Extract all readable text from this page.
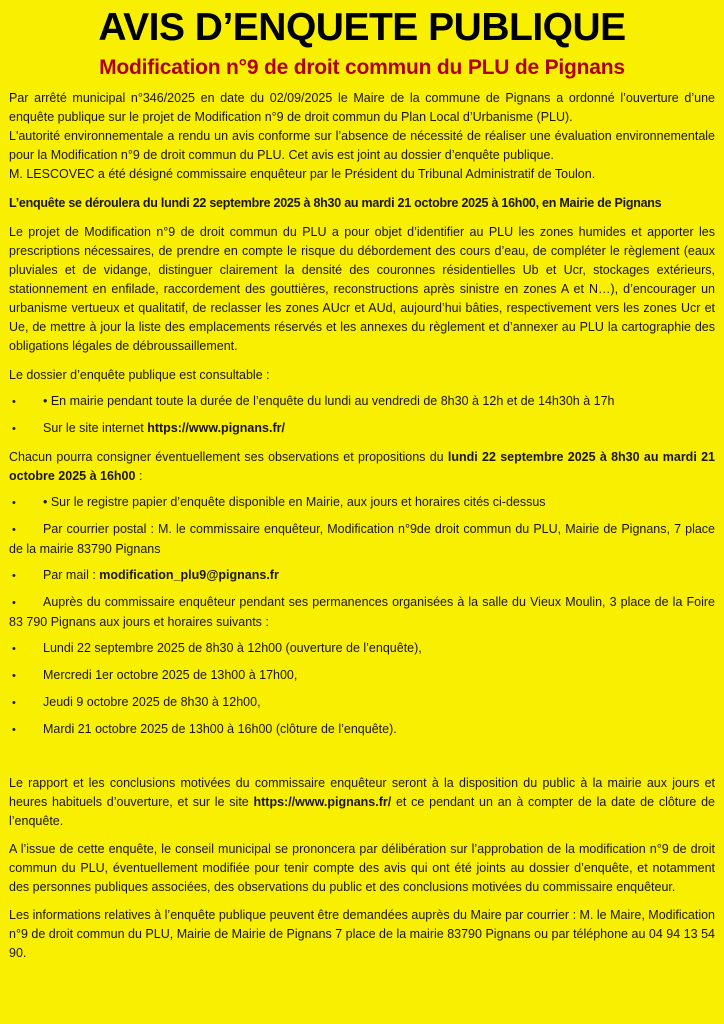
AVIS D’ENQUETE PUBLIQUE
Modification n°9 de droit commun du PLU de Pignans

Par arrêté municipal n°346/2025 en date du 02/09/2025 le Maire de la commune de Pignans a ordonné l’ouverture d’une enquête publique sur le projet de Modification n°9 de droit commun du Plan Local d’Urbanisme (PLU).

L'autorité environnementale a rendu un avis conforme sur l’absence de nécessité de réaliser une évaluation environnementale pour la Modification n°9 de droit commun du PLU. Cet avis est joint au dossier d’enquête publique.

M. LESCOVEC a été désigné commissaire enquêteur par le Président du Tribunal Administratif de Toulon.

L’enquête se déroulera du lundi 22 septembre 2025 à 8h30 au mardi 21 octobre 2025 à 16h00, en Mairie de Pignans

Le projet de Modification n°9 de droit commun du PLU a pour objet d’identifier au PLU les zones humides et apporter les prescriptions nécessaires, de prendre en compte le risque du débordement des cours d’eau, de compléter le règlement (eaux pluviales et de vidange, distinguer clairement la densité des couronnes résidentielles Ub et Ucr, stockages extérieurs, stationnement en enfilade, raccordement des gouttières, reconstructions après sinistre en zones A et N…), d’encourager un urbanisme vertueux et qualitatif, de reclasser les zones AUcr et AUd, aujourd’hui bâties, respectivement vers les zones Ucr et Ue, de mettre à jour la liste des emplacements réservés et les annexes du règlement et d’annexer au PLU la cartographie des obligations légales de débroussaillement.

Le dossier d’enquête publique est consultable :

• • En mairie pendant toute la durée de l’enquête du lundi au vendredi de 8h30 à 12h et de 14h30h à 17h

• Sur le site internet https://www.pignans.fr/

Chacun pourra consigner éventuellement ses observations et propositions du lundi 22 septembre 2025 à 8h30 au mardi 21 octobre 2025 à 16h00 :

• • Sur le registre papier d’enquête disponible en Mairie, aux jours et horaires cités ci-dessus

• Par courrier postal : M. le commissaire enquêteur, Modification n°9de droit commun du PLU, Mairie de Pignans, 7 place de la mairie 83790 Pignans

• Par mail : modification_plu9@pignans.fr

• Auprès du commissaire enquêteur pendant ses permanences organisées à la salle du Vieux Moulin, 3 place de la Foire 83 790 Pignans aux jours et horaires suivants :

• Lundi 22 septembre 2025 de 8h30 à 12h00 (ouverture de l’enquête),

• Mercredi 1er octobre 2025 de 13h00 à 17h00,

• Jeudi 9 octobre 2025 de 8h30 à 12h00,

• Mardi 21 octobre 2025 de 13h00 à 16h00 (clôture de l’enquête).

Le rapport et les conclusions motivées du commissaire enquêteur seront à la disposition du public à la mairie aux jours et heures habituels d’ouverture, et sur le site https://www.pignans.fr/ et ce pendant un an à compter de la date de clôture de l’enquête.

A l’issue de cette enquête, le conseil municipal se prononcera par délibération sur l’approbation de la modification n°9 de droit commun du PLU, éventuellement modifiée pour tenir compte des avis qui ont été joints au dossier d’enquête, et notamment des personnes publiques associées, des observations du public et des conclusions motivées du commissaire enquêteur.

Les informations relatives à l’enquête publique peuvent être demandées auprès du Maire par courrier : M. le Maire, Modification n°9 de droit commun du PLU, Mairie de Mairie de Pignans 7 place de la mairie 83790 Pignans ou par téléphone au 04 94 13 54 90.
